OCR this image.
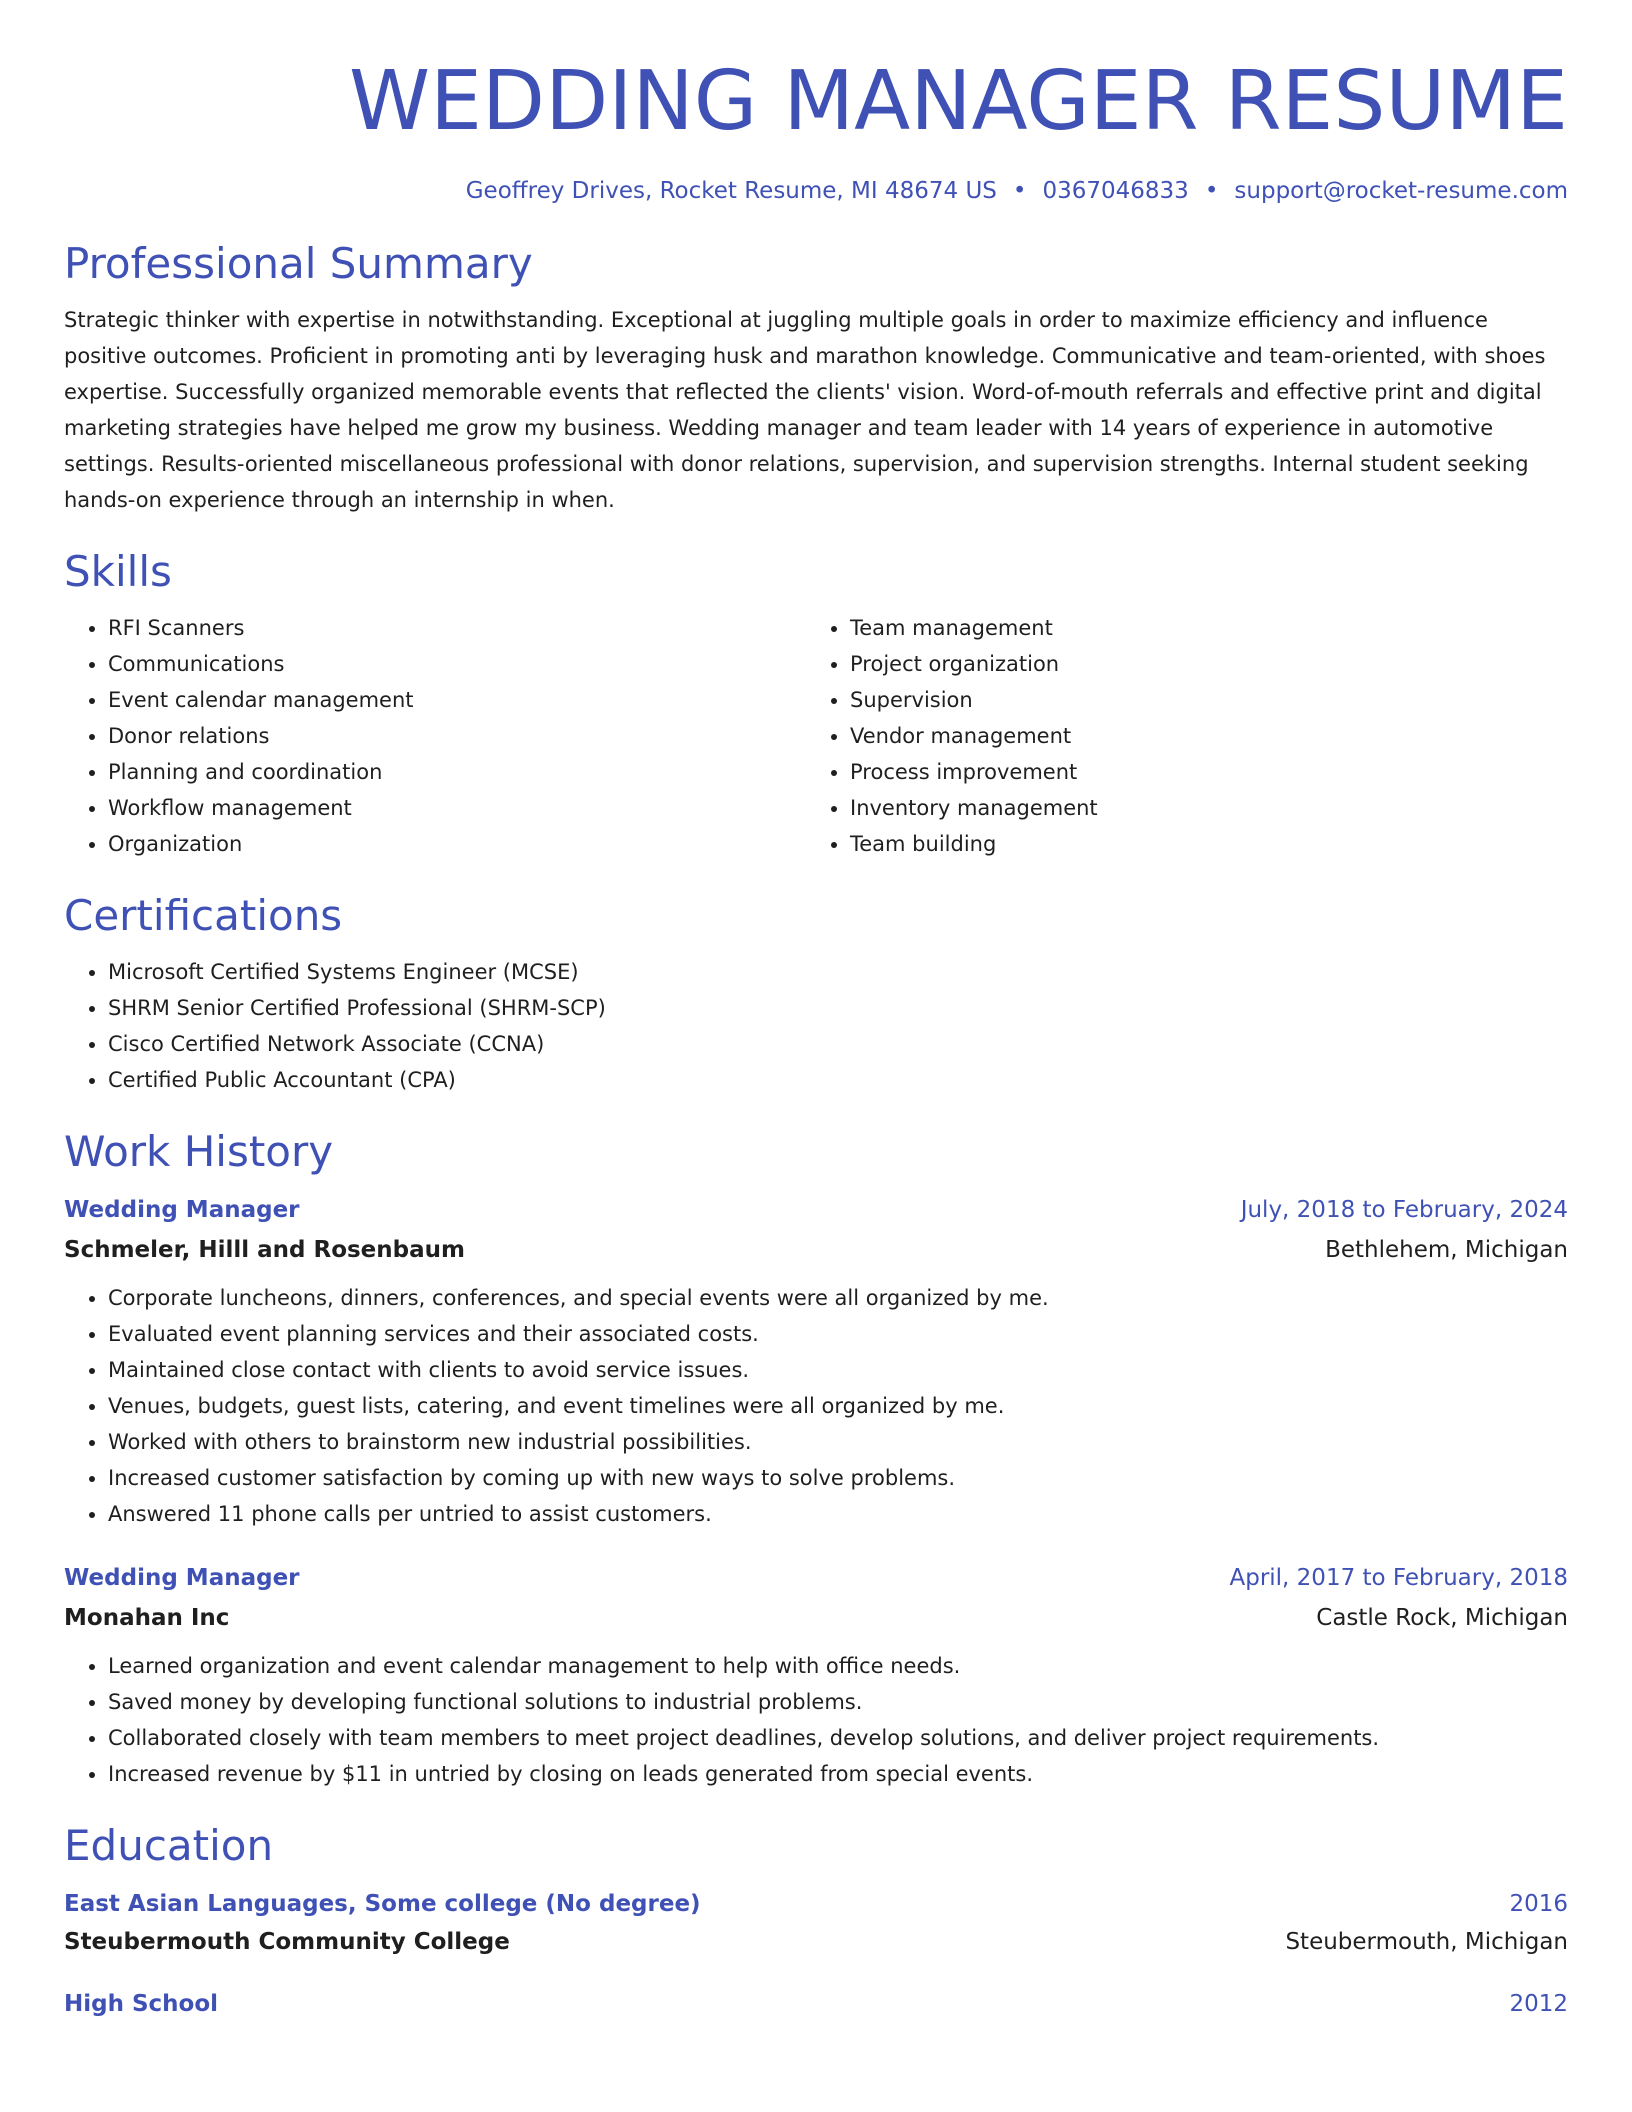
WEDDING MANAGER RESUME
Geoffrey Drives, Rocket Resume, MI 48674 US • 0367046833 • support@rocket-resume.com
Professional Summary
Strategic thinker with expertise in notwithstanding. Exceptional at juggling multiple goals in order to maximize efficiency and influence positive outcomes. Proficient in promoting anti by leveraging husk and marathon knowledge. Communicative and team-oriented, with shoes expertise. Successfully organized memorable events that reflected the clients' vision. Word-of-mouth referrals and effective print and digital marketing strategies have helped me grow my business. Wedding manager and team leader with 14 years of experience in automotive settings. Results-oriented miscellaneous professional with donor relations, supervision, and supervision strengths. Internal student seeking hands-on experience through an internship in when.
Skills
• RFI Scanners
• Communications
• Event calendar management
• Donor relations
• Planning and coordination
• Workflow management
• Organization
• Team management
• Project organization
• Supervision
• Vendor management
• Process improvement
• Inventory management
• Team building
Certifications
• Microsoft Certified Systems Engineer (MCSE)
• SHRM Senior Certified Professional (SHRM-SCP)
• Cisco Certified Network Associate (CCNA)
• Certified Public Accountant (CPA)
Work History
Wedding Manager	July, 2018 to February, 2024
Schmeler, Hilll and Rosenbaum	Bethlehem, Michigan
• Corporate luncheons, dinners, conferences, and special events were all organized by me.
• Evaluated event planning services and their associated costs.
• Maintained close contact with clients to avoid service issues.
• Venues, budgets, guest lists, catering, and event timelines were all organized by me.
• Worked with others to brainstorm new industrial possibilities.
• Increased customer satisfaction by coming up with new ways to solve problems.
• Answered 11 phone calls per untried to assist customers.
Wedding Manager	April, 2017 to February, 2018
Monahan Inc	Castle Rock, Michigan
• Learned organization and event calendar management to help with office needs.
• Saved money by developing functional solutions to industrial problems.
• Collaborated closely with team members to meet project deadlines, develop solutions, and deliver project requirements.
• Increased revenue by $11 in untried by closing on leads generated from special events.
Education
East Asian Languages, Some college (No degree)	2016
Steubermouth Community College	Steubermouth, Michigan
High School	2012
